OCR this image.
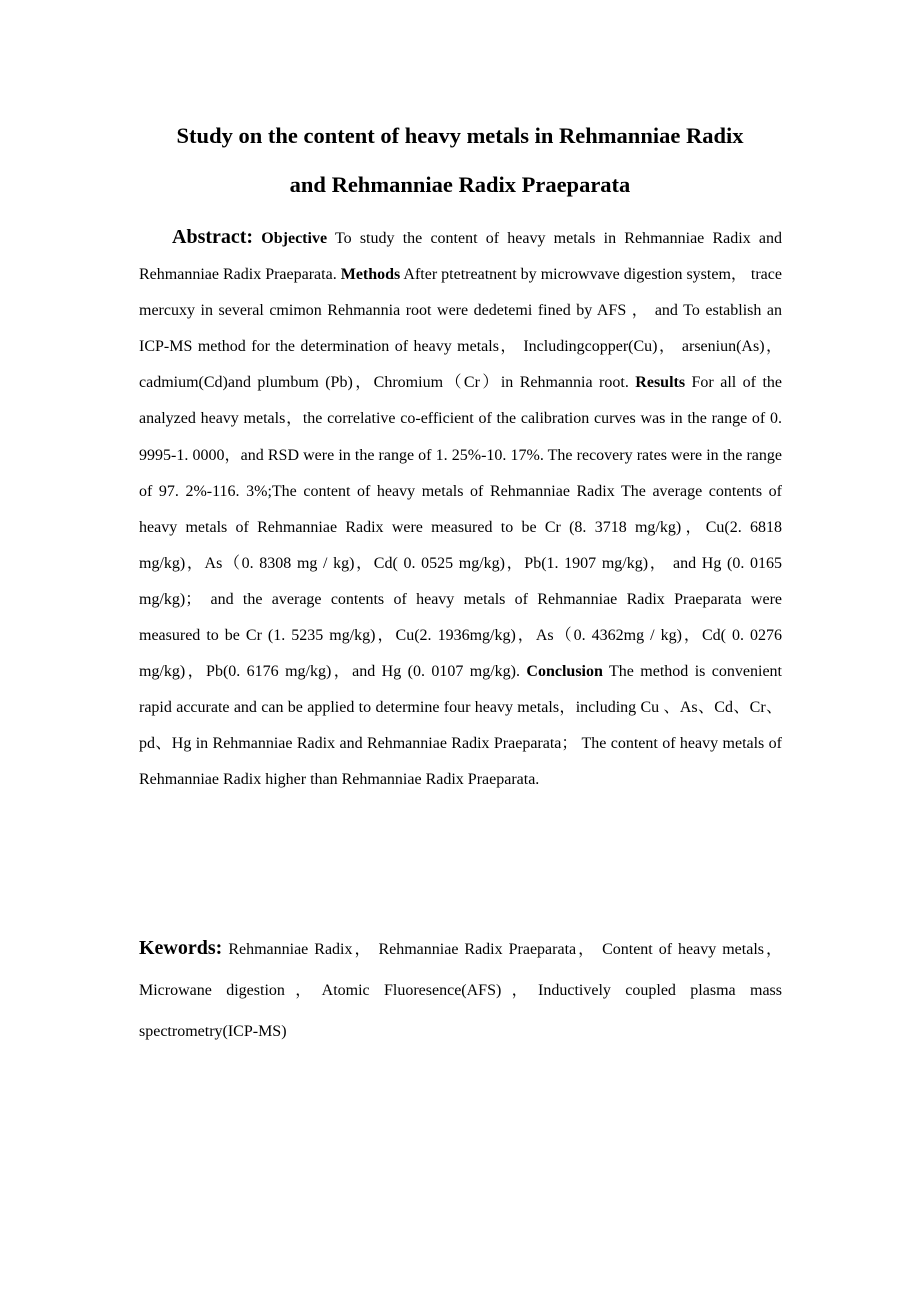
Study on the content of heavy metals in Rehmanniae Radix
and Rehmanniae Radix Praeparata

Abstract: Objective To study the content of heavy metals in Rehmanniae Radix and Rehmanniae Radix Praeparata. Methods After ptetreatnent by microwvave digestion system， trace mercuxy in several cmimon Rehmannia root were dedetemi fined by AFS ， and To establish an ICP-MS method for the determination of heavy metals， Includingcopper(Cu)， arseniun(As)， cadmium(Cd)and plumbum (Pb)，Chromium（Cr）in Rehmannia root. Results For all of the analyzed heavy metals，the correlative co-efficient of the calibration curves was in the range of 0. 9995-1. 0000，and RSD were in the range of 1. 25%-10. 17%. The recovery rates were in the range of 97. 2%-116. 3%;The content of heavy metals of Rehmanniae Radix The average contents of heavy metals of Rehmanniae Radix were measured to be Cr (8. 3718 mg/kg)，Cu(2. 6818 mg/kg)，As（0. 8308 mg / kg)，Cd( 0. 0525 mg/kg)，Pb(1. 1907 mg/kg)， and Hg (0. 0165 mg/kg)； and the average contents of heavy metals of Rehmanniae Radix Praeparata were measured to be Cr (1. 5235 mg/kg)，Cu(2. 1936mg/kg)，As（0. 4362mg / kg)，Cd( 0. 0276 mg/kg)，Pb(0. 6176 mg/kg)，and Hg (0. 0107 mg/kg). Conclusion The method is convenient rapid accurate and can be applied to determine four heavy metals，including Cu 、As、Cd、Cr、pd、Hg in Rehmanniae Radix and Rehmanniae Radix Praeparata； The content of heavy metals of Rehmanniae Radix higher than Rehmanniae Radix Praeparata.

Kewords: Rehmanniae Radix， Rehmanniae Radix Praeparata， Content of heavy metals，Microwane digestion，Atomic Fluoresence(AFS)，Inductively coupled plasma mass spectrometry(ICP-MS)
